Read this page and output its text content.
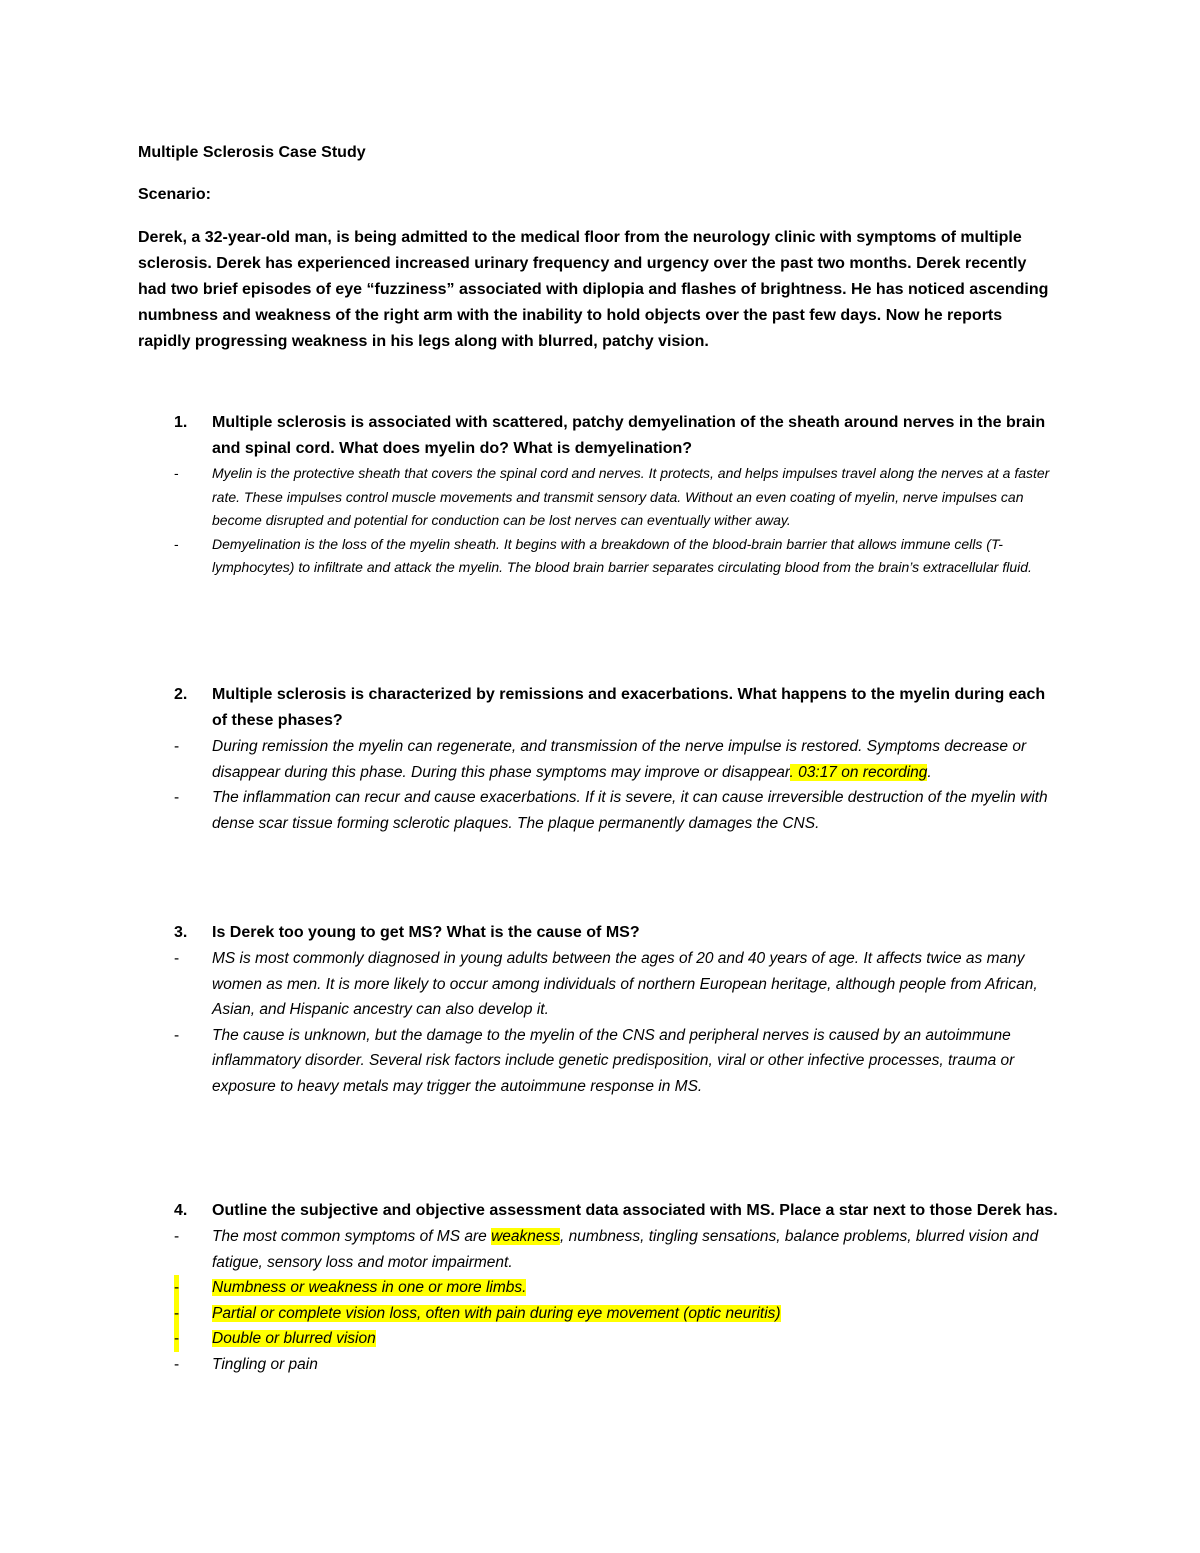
Multiple Sclerosis Case Study

Scenario:

Derek, a 32-year-old man, is being admitted to the medical floor from the neurology clinic with symptoms of multiple sclerosis. Derek has experienced increased urinary frequency and urgency over the past two months. Derek recently had two brief episodes of eye “fuzziness” associated with diplopia and flashes of brightness. He has noticed ascending numbness and weakness of the right arm with the inability to hold objects over the past few days. Now he reports rapidly progressing weakness in his legs along with blurred, patchy vision.

1. Multiple sclerosis is associated with scattered, patchy demyelination of the sheath around nerves in the brain and spinal cord. What does myelin do? What is demyelination?
- Myelin is the protective sheath that covers the spinal cord and nerves. It protects, and helps impulses travel along the nerves at a faster rate. These impulses control muscle movements and transmit sensory data. Without an even coating of myelin, nerve impulses can become disrupted and potential for conduction can be lost nerves can eventually wither away.
- Demyelination is the loss of the myelin sheath. It begins with a breakdown of the blood-brain barrier that allows immune cells (T-lymphocytes) to infiltrate and attack the myelin. The blood brain barrier separates circulating blood from the brain’s extracellular fluid.
2. Multiple sclerosis is characterized by remissions and exacerbations. What happens to the myelin during each of these phases?
- During remission the myelin can regenerate, and transmission of the nerve impulse is restored. Symptoms decrease or disappear during this phase. During this phase symptoms may improve or disappear. 03:17 on recording.
- The inflammation can recur and cause exacerbations. If it is severe, it can cause irreversible destruction of the myelin with dense scar tissue forming sclerotic plaques. The plaque permanently damages the CNS.
3. Is Derek too young to get MS? What is the cause of MS?
- MS is most commonly diagnosed in young adults between the ages of 20 and 40 years of age. It affects twice as many women as men. It is more likely to occur among individuals of northern European heritage, although people from African, Asian, and Hispanic ancestry can also develop it.
- The cause is unknown, but the damage to the myelin of the CNS and peripheral nerves is caused by an autoimmune inflammatory disorder. Several risk factors include genetic predisposition, viral or other infective processes, trauma or exposure to heavy metals may trigger the autoimmune response in MS.
4. Outline the subjective and objective assessment data associated with MS. Place a star next to those Derek has.
- The most common symptoms of MS are weakness, numbness, tingling sensations, balance problems, blurred vision and fatigue, sensory loss and motor impairment.
- Numbness or weakness in one or more limbs.
- Partial or complete vision loss, often with pain during eye movement (optic neuritis)
- Double or blurred vision
- Tingling or pain
